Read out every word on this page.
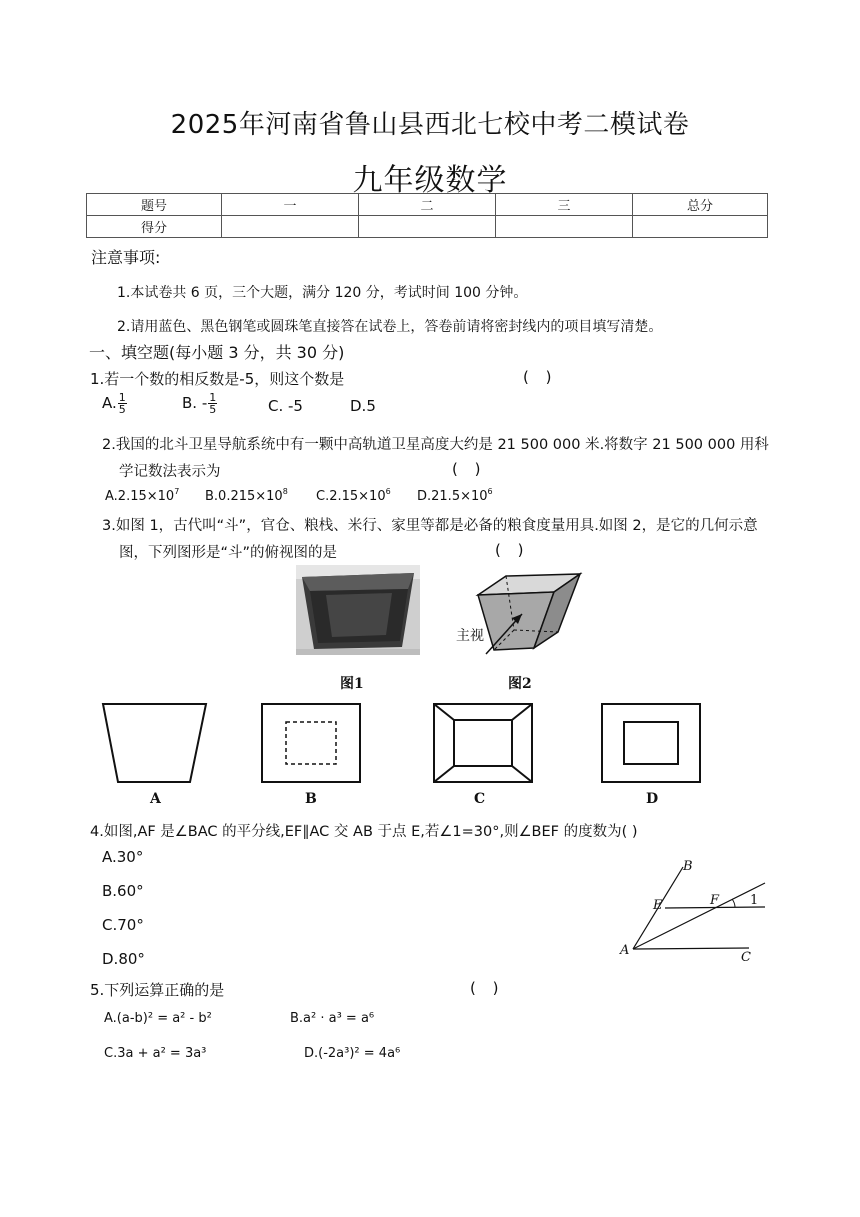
2025年河南省鲁山县西北七校中考二模试卷
九年级数学
题号	一	二	三	总分
得分				
注意事项:
1.本试卷共 6 页，三个大题，满分 120 分，考试时间 100 分钟。
2.请用蓝色、黑色钢笔或圆珠笔直接答在试卷上，答卷前请将密封线内的项目填写清楚。
一、填空题(每小题 3 分，共 30 分)
1.若一个数的相反数是-5，则这个数是	( )
A. $\frac{1}{5}$	B. - $\frac{1}{5}$	C. -5	D.5
2.我国的北斗卫星导航系统中有一颗中高轨道卫星高度大约是 21 500 000 米.将数字 21 500 000 用科
学记数法表示为	( )
$A.2.15\times 10^7$ $B.0.215\times 10^8$ $C.2.15\times 10^6$ $D.21.5\times 10^6$
3.如图 1，古代叫“斗”，官仓、粮栈、米行、家里等都是必备的粮食度量用具.如图 2，是它的几何示意
图，下列图形是“斗”的俯视图的是	( )
图1
主视
图2
A	B	C	D
4.如图,AF 是∠BAC 的平分线,EF∥AC 交 AB 于点 E,若∠1=30°,则∠BEF 的度数为( )
A.30°
B.60°
C.70°
D.80°
B
E	F 1
A	C
5.下列运算正确的是	( )
A.(a-b)² = a² - b²	B.a² · a³ = a⁶
C.3a + a² = 3a³	D.(-2a³)² = 4a⁶
